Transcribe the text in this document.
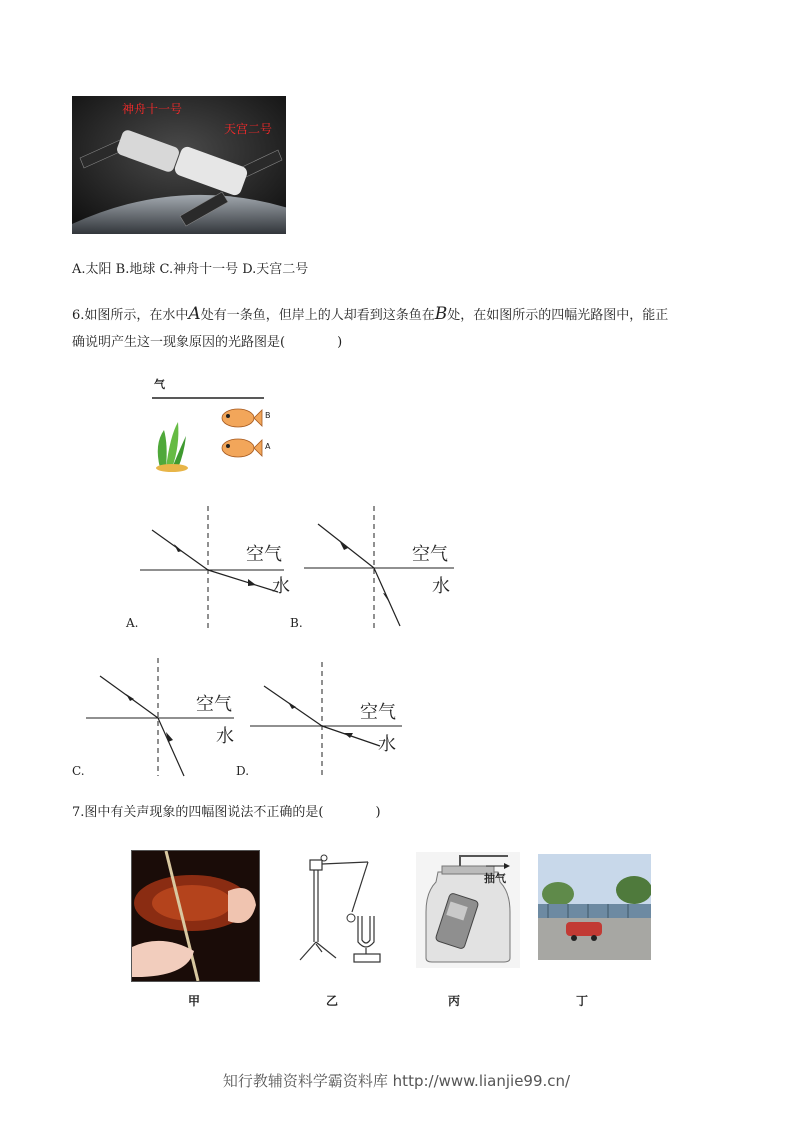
神舟十一号
天宫二号
A.太阳 B.地球 C.神舟十一号 D.天宫二号
6.如图所示，在水中A处有一条鱼，但岸上的人却看到这条鱼在B处，在如图所示的四幅光路图中，能正
确说明产生这一现象原因的光路图是(　　　　)
气
B
A
空气
水
A.
空气
水
B.
空气
水
C.
空气
水
D.
7.图中有关声现象的四幅图说法不正确的是(　　　　)
抽气
甲	乙	丙	丁
知行教辅资料学霸资料库 http://www.lianjie99.cn/
